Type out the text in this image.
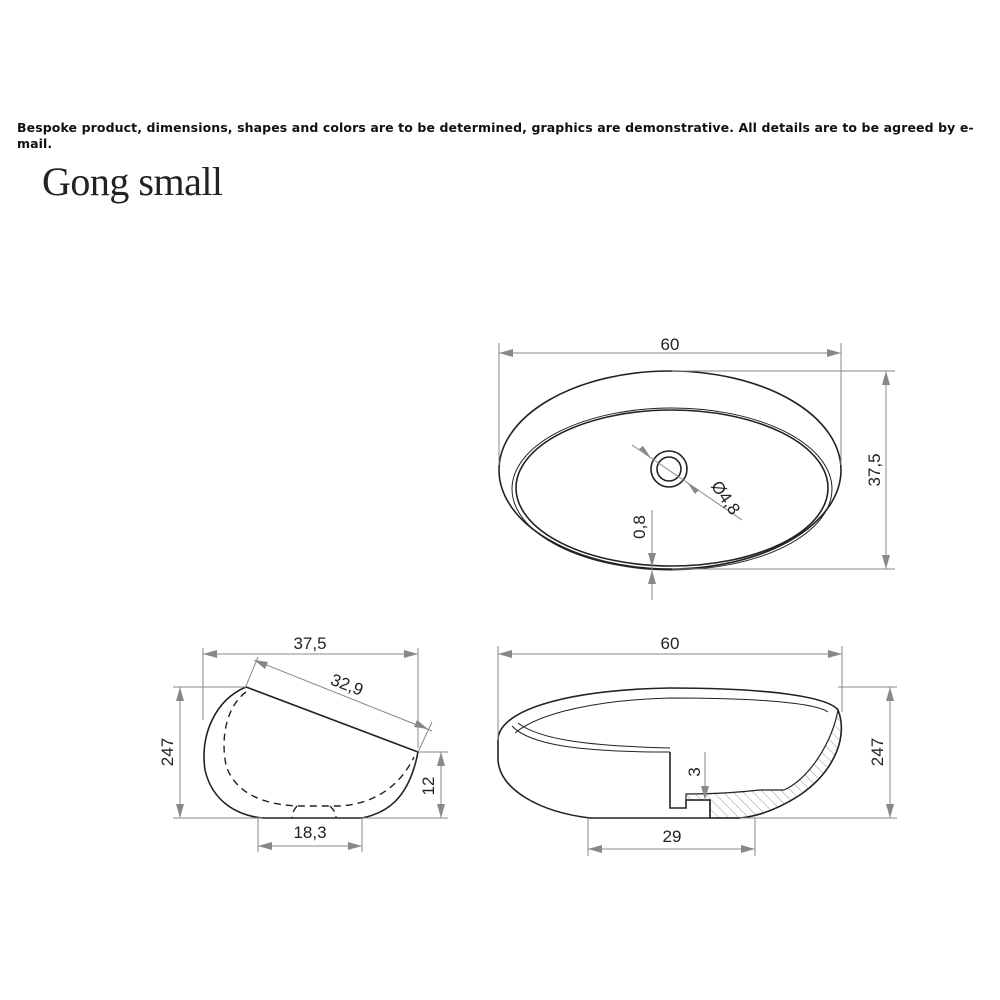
Bespoke product, dimensions, shapes and colors are to be determined, graphics are demonstrative. All details are to be agreed by e-mail.
Gong small
60
37,5
Ø4,8
0,8
37,5
32,9
247
12
18,3
60
247
3
29
